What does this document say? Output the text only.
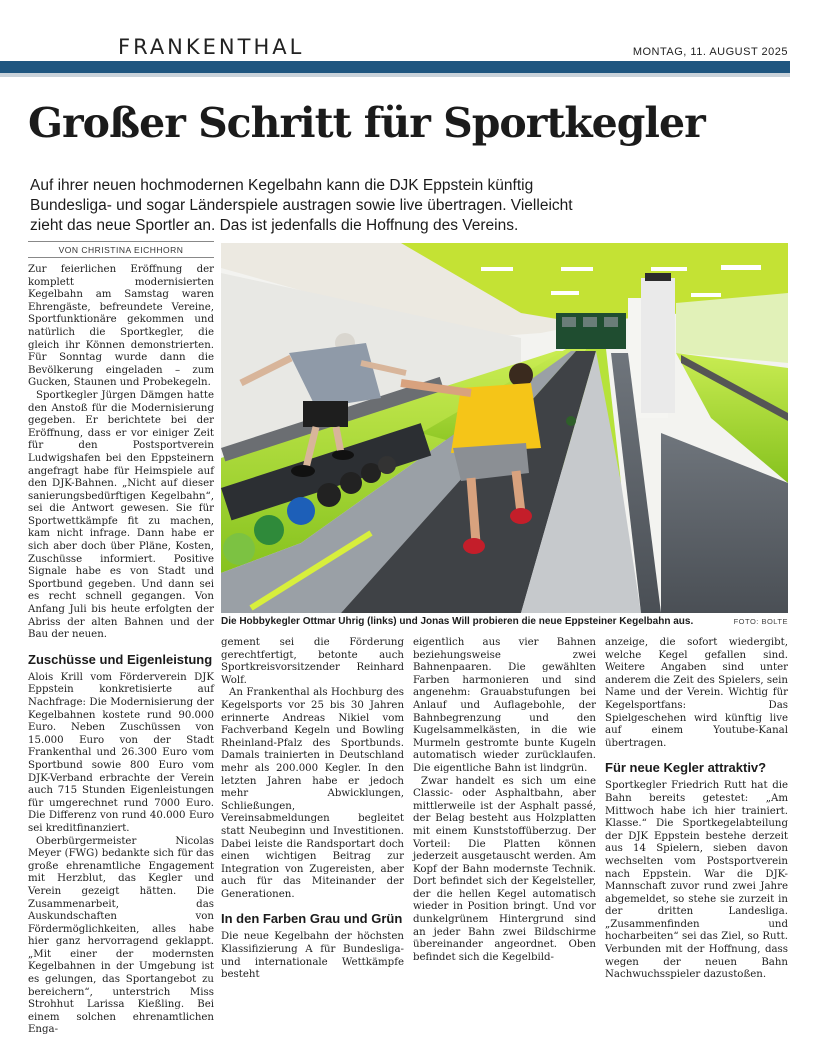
FRANKENTHAL	MONTAG, 11. AUGUST 2025
Großer Schritt für Sportkegler

Auf ihrer neuen hochmodernen Kegelbahn kann die DJK Eppstein künftig Bundesliga- und sogar Länderspiele austragen sowie live übertragen. Vielleicht zieht das neue Sportler an. Das ist jedenfalls die Hoffnung des Vereins.

VON CHRISTINA EICHHORN

Zur feierlichen Eröffnung der komplett modernisierten Kegelbahn am Samstag waren Ehrengäste, befreundete Vereine, Sportfunktionäre gekommen und natürlich die Sportkegler, die gleich ihr Können demonstrierten. Für Sonntag wurde dann die Bevölkerung eingeladen – zum Gucken, Staunen und Probekegeln.

Sportkegler Jürgen Dämgen hatte den Anstoß für die Modernisierung gegeben. Er berichtete bei der Eröffnung, dass er vor einiger Zeit für den Postsportverein Ludwigshafen bei den Eppsteinern angefragt habe für Heimspiele auf den DJK-Bahnen. „Nicht auf dieser sanierungsbedürftigen Kegelbahn“, sei die Antwort gewesen. Sie für Sportwettkämpfe fit zu machen, kam nicht infrage. Dann habe er sich aber doch über Pläne, Kosten, Zuschüsse informiert. Positive Signale habe es von Stadt und Sportbund gegeben. Und dann sei es recht schnell gegangen. Von Anfang Juli bis heute erfolgten der Abriss der alten Bahnen und der Bau der neuen.

Zuschüsse und Eigenleistung

Alois Krill vom Förderverein DJK Eppstein konkretisierte auf Nachfrage: Die Modernisierung der Kegelbahnen kostete rund 90.000 Euro. Neben Zuschüssen von 15.000 Euro von der Stadt Frankenthal und 26.300 Euro vom Sportbund sowie 800 Euro vom DJK-Verband erbrachte der Verein auch 715 Stunden Eigenleistungen für umgerechnet rund 7000 Euro. Die Differenz von rund 40.000 Euro sei kreditfinanziert.

Oberbürgermeister Nicolas Meyer (FWG) bedankte sich für das große ehrenamtliche Engagement mit Herzblut, das Kegler und Verein gezeigt hätten. Die Zusammenarbeit, das Auskundschaften von Fördermöglichkeiten, alles habe hier ganz hervorragend geklappt. „Mit einer der modernsten Kegelbahnen in der Umgebung ist es gelungen, das Sportangebot zu bereichern“, unterstrich Miss Strohhut Larissa Kießling. Bei einem solchen ehrenamtlichen Enga-

Die Hobbykegler Ottmar Uhrig (links) und Jonas Will probieren die neue Eppsteiner Kegelbahn aus.	FOTO: BOLTE

gement sei die Förderung gerechtfertigt, betonte auch Sportkreisvorsitzender Reinhard Wolf.

An Frankenthal als Hochburg des Kegelsports vor 25 bis 30 Jahren erinnerte Andreas Nikiel vom Fachverband Kegeln und Bowling Rheinland-Pfalz des Sportbunds. Damals trainierten in Deutschland mehr als 200.000 Kegler. In den letzten Jahren habe er jedoch mehr Abwicklungen, Schließungen, Vereinsabmeldungen begleitet statt Neubeginn und Investitionen. Dabei leiste die Randsportart doch einen wichtigen Beitrag zur Integration von Zugereisten, aber auch für das Miteinander der Generationen.

In den Farben Grau und Grün

Die neue Kegelbahn der höchsten Klassifizierung A für Bundesliga- und internationale Wettkämpfe besteht

eigentlich aus vier Bahnen beziehungsweise zwei Bahnenpaaren. Die gewählten Farben harmonieren und sind angenehm: Grauabstufungen bei Anlauf und Auflagebohle, der Bahnbegrenzung und den Kugelsammelkästen, in die wie Murmeln gestromte bunte Kugeln automatisch wieder zurücklaufen. Die eigentliche Bahn ist lindgrün.

Zwar handelt es sich um eine Classic- oder Asphaltbahn, aber mittlerweile ist der Asphalt passé, der Belag besteht aus Holzplatten mit einem Kunststoffüberzug. Der Vorteil: Die Platten können jederzeit ausgetauscht werden. Am Kopf der Bahn modernste Technik. Dort befindet sich der Kegelsteller, der die hellen Kegel automatisch wieder in Position bringt. Und vor dunkelgrünem Hintergrund sind an jeder Bahn zwei Bildschirme übereinander angeordnet. Oben befindet sich die Kegelbild-

anzeige, die sofort wiedergibt, welche Kegel gefallen sind. Weitere Angaben sind unter anderem die Zeit des Spielers, sein Name und der Verein. Wichtig für Kegelsportfans: Das Spielgeschehen wird künftig live auf einem Youtube-Kanal übertragen.

Für neue Kegler attraktiv?

Sportkegler Friedrich Rutt hat die Bahn bereits getestet: „Am Mittwoch habe ich hier trainiert. Klasse.“ Die Sportkegelabteilung der DJK Eppstein bestehe derzeit aus 14 Spielern, sieben davon wechselten vom Postsportverein nach Eppstein. War die DJK-Mannschaft zuvor rund zwei Jahre abgemeldet, so stehe sie zurzeit in der dritten Landesliga. „Zusammenfinden und hocharbeiten“ sei das Ziel, so Rutt. Verbunden mit der Hoffnung, dass wegen der neuen Bahn Nachwuchsspieler dazustoßen.
